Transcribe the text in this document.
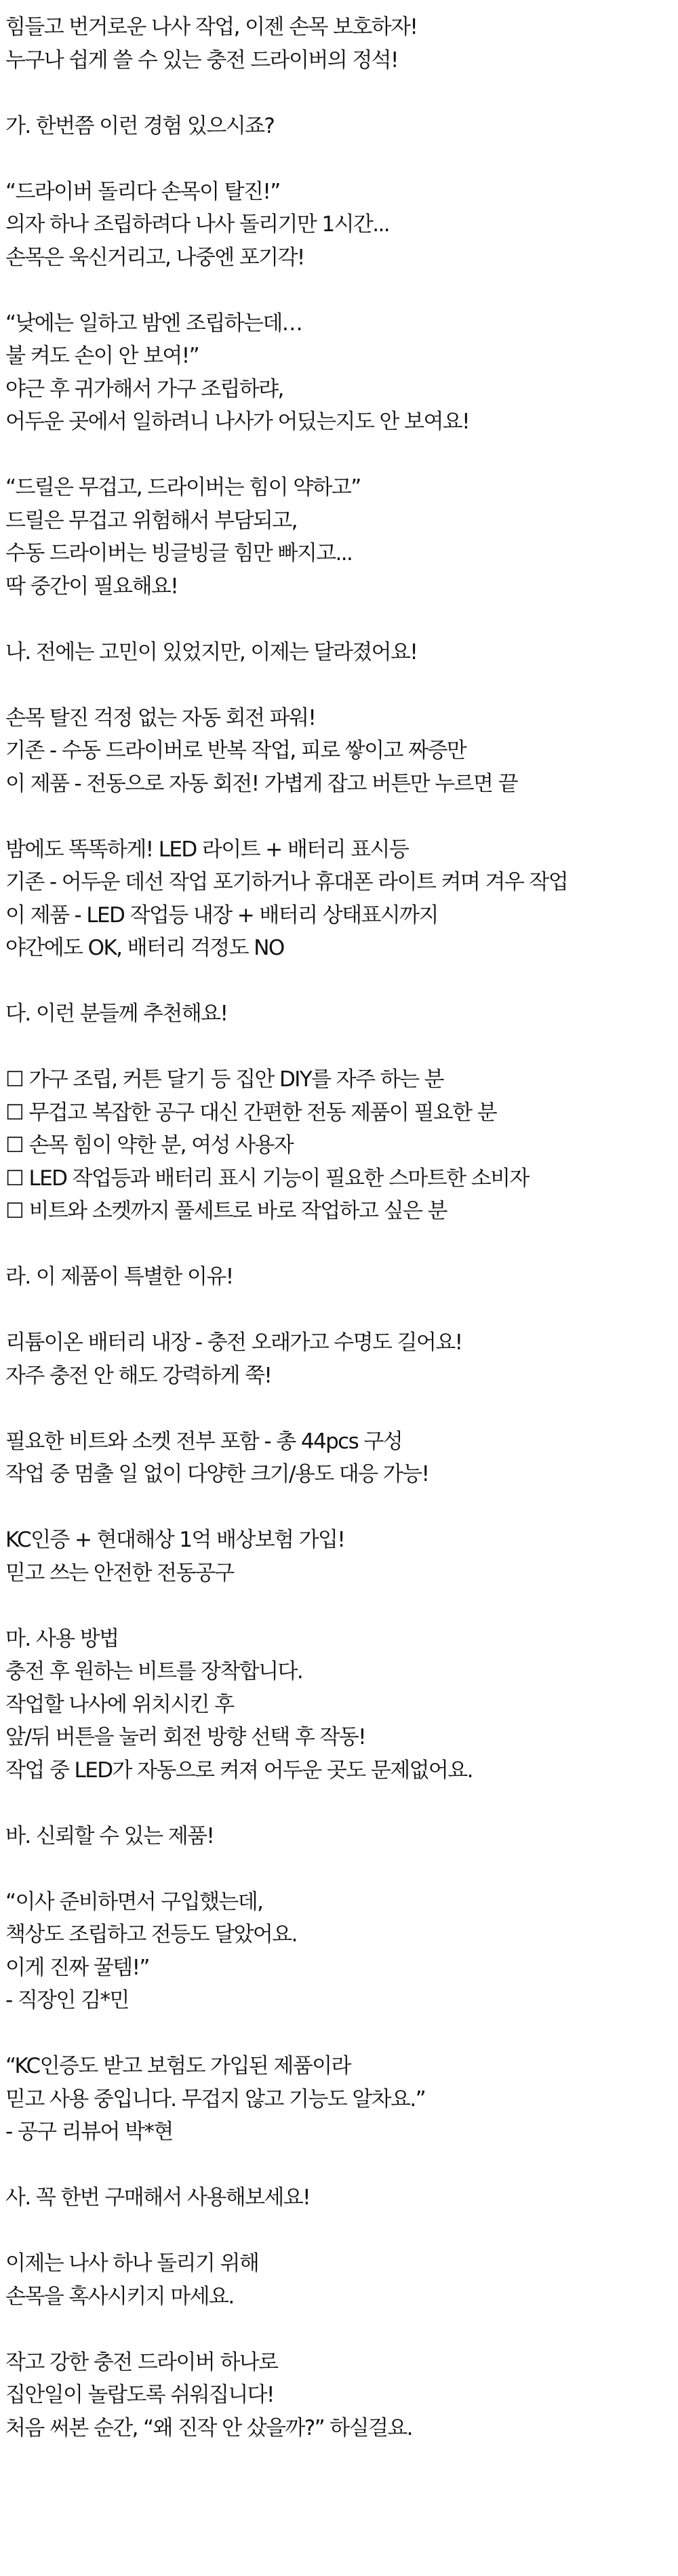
힘들고 번거로운 나사 작업, 이젠 손목 보호하자!
누구나 쉽게 쓸 수 있는 충전 드라이버의 정석!
가. 한번쯤 이런 경험 있으시죠?
“드라이버 돌리다 손목이 탈진!”
의자 하나 조립하려다 나사 돌리기만 1시간...
손목은 욱신거리고, 나중엔 포기각!
“낮에는 일하고 밤엔 조립하는데…
불 켜도 손이 안 보여!”
야근 후 귀가해서 가구 조립하랴,
어두운 곳에서 일하려니 나사가 어딨는지도 안 보여요!
“드릴은 무겁고, 드라이버는 힘이 약하고”
드릴은 무겁고 위험해서 부담되고,
수동 드라이버는 빙글빙글 힘만 빠지고...
딱 중간이 필요해요!
나. 전에는 고민이 있었지만, 이제는 달라졌어요!
손목 탈진 걱정 없는 자동 회전 파워!
기존 - 수동 드라이버로 반복 작업, 피로 쌓이고 짜증만
이 제품 - 전동으로 자동 회전! 가볍게 잡고 버튼만 누르면 끝
밤에도 똑똑하게! LED 라이트 + 배터리 표시등
기존 - 어두운 데선 작업 포기하거나 휴대폰 라이트 켜며 겨우 작업
이 제품 - LED 작업등 내장 + 배터리 상태표시까지
야간에도 OK, 배터리 걱정도 NO
다. 이런 분들께 추천해요!
☐ 가구 조립, 커튼 달기 등 집안 DIY를 자주 하는 분
☐ 무겁고 복잡한 공구 대신 간편한 전동 제품이 필요한 분
☐ 손목 힘이 약한 분, 여성 사용자
☐ LED 작업등과 배터리 표시 기능이 필요한 스마트한 소비자
☐ 비트와 소켓까지 풀세트로 바로 작업하고 싶은 분
라. 이 제품이 특별한 이유!
리튬이온 배터리 내장 - 충전 오래가고 수명도 길어요!
자주 충전 안 해도 강력하게 쭉!
필요한 비트와 소켓 전부 포함 - 총 44pcs 구성
작업 중 멈출 일 없이 다양한 크기/용도 대응 가능!
KC인증 + 현대해상 1억 배상보험 가입!
믿고 쓰는 안전한 전동공구
마. 사용 방법
충전 후 원하는 비트를 장착합니다.
작업할 나사에 위치시킨 후
앞/뒤 버튼을 눌러 회전 방향 선택 후 작동!
작업 중 LED가 자동으로 켜져 어두운 곳도 문제없어요.
바. 신뢰할 수 있는 제품!
“이사 준비하면서 구입했는데,
책상도 조립하고 전등도 달았어요.
이게 진짜 꿀템!”
- 직장인 김*민
“KC인증도 받고 보험도 가입된 제품이라
믿고 사용 중입니다. 무겁지 않고 기능도 알차요.”
- 공구 리뷰어 박*현
사. 꼭 한번 구매해서 사용해보세요!
이제는 나사 하나 돌리기 위해
손목을 혹사시키지 마세요.
작고 강한 충전 드라이버 하나로
집안일이 놀랍도록 쉬워집니다!
처음 써본 순간, “왜 진작 안 샀을까?” 하실걸요.
